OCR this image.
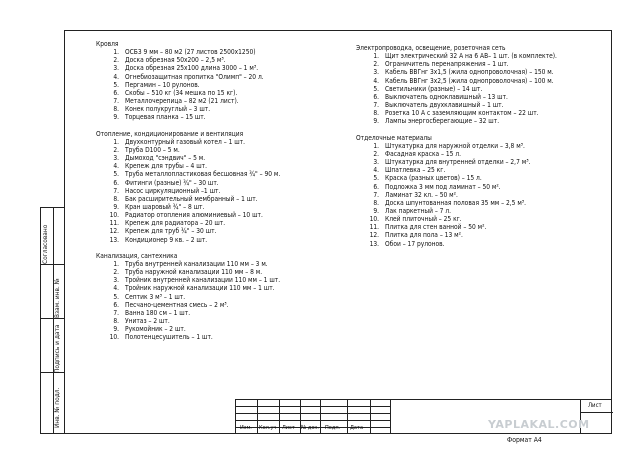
Согласовано
Взам. инв. №
Подпись и дата
Инв. № подл.
Кровля
1. ОСБ3 9 мм – 80 м2 (27 листов 2500х1250)
2. Доска обрезная 50х200 – 2,5 м³.
3. Доска обрезная 25х100 длина 3000 – 1 м³.
4. Огнебиозащитная пропитка "Олимп" – 20 л.
5. Пергамин – 10 рулонов.
6. Скобы – 510 кг (34 мешка по 15 кг).
7. Металлочерепица – 82 м2 (21 лист).
8. Конек полукруглый – 3 шт.
9. Торцевая планка – 15 шт.
Отопление, кондиционирование и вентиляция
1. Двухконтурный газовый котел – 1 шт.
2. Труба D100 – 5 м.
3. Дымоход "сэндвич" – 5 м.
4. Крепеж для трубы – 4 шт.
5. Труба металлопластиковая бесшовная ¾" – 90 м.
6. Фитинги (разные) ¾" – 30 шт.
7. Насос циркуляционный –1 шт.
8. Бак расширительный мембранный – 1 шт.
9. Кран шаровый ¾" – 8 шт.
10. Радиатор отопления алюминиевый – 10 шт.
11. Крепеж для радиатора – 20 шт.
12. Крепеж для труб ¾" – 30 шт.
13. Кондиционер 9 кв. – 2 шт.
Канализация, сантехника
1. Труба внутренней канализации 110 мм – 3 м.
2. Труба наружной канализации 110 мм – 8 м.
3. Тройник внутренней канализации 110 мм – 1 шт.
4. Тройник наружной канализации 110 мм – 1 шт.
5. Септик 3 м³ – 1 шт.
6. Песчано-цементная смесь – 2 м³.
7. Ванна 180 см – 1 шт.
8. Унитаз – 2 шт.
9. Рукомойник – 2 шт.
10. Полотенцесушитель – 1 шт.
Электропроводка, освещение, розеточная сеть
1. Щит электрический 32 А на 6 АВ– 1 шт. (в комплекте).
2. Ограничитель перенапряжения – 1 шт.
3. Кабель ВВГнг 3х1,5 (жила однопроволочная) – 150 м.
4. Кабель ВВГнг 3х2,5 (жила однопроволочная) – 100 м.
5. Светильники (разные) – 14 шт.
6. Выключатель одноклавишный – 13 шт.
7. Выключатель двухклавишный – 1 шт.
8. Розетка 10 А с заземляющим контактом – 22 шт.
9. Лампы энергосберегающие – 32 шт.
Отделочные материалы
1. Штукатурка для наружной отделки – 3,8 м³.
2. Фасадная краска – 15 л.
3. Штукатурка для внутренней отделки – 2,7 м³.
4. Шпатлевка – 25 кг.
5. Краска (разных цветов) – 15 л.
6. Подложка 3 мм под ламинат – 50 м².
7. Ламинат 32 кл. – 50 м².
8. Доска шпунтованная половая 35 мм – 2,5 м³.
9. Лак паркетный – 7 л.
10. Клей плиточный – 25 кг.
11. Плитка для стен ванной – 50 м².
12. Плитка для пола – 13 м².
13. Обои – 17 рулонов.
Изм. Кол.уч Лист № док. Подп. Дата
Лист
YAPLAKAL.COM
Формат А4
